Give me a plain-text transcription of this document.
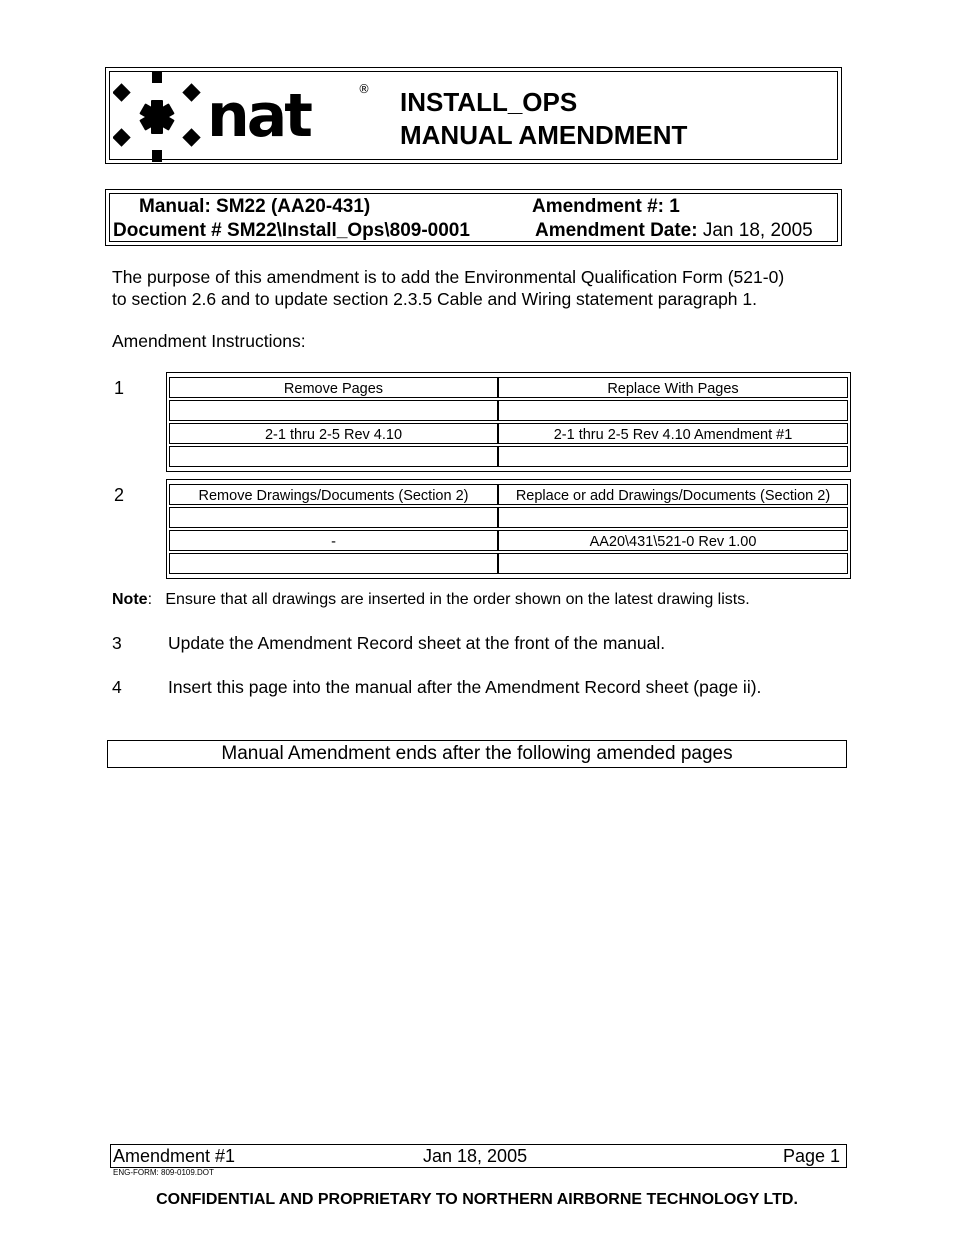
nat	® INSTALL_OPS
MANUAL AMENDMENT
Manual: SM22 (AA20-431)	Amendment #: 1
Document # SM22\Install_Ops\809-0001	Amendment Date: Jan 18, 2005
The purpose of this amendment is to add the Environmental Qualification Form (521-0)
to section 2.6 and to update section 2.3.5 Cable and Wiring statement paragraph 1.
Amendment Instructions:
1	Remove Pages	Replace With Pages

2-1 thru 2-5 Rev 4.10	2-1 thru 2-5 Rev 4.10 Amendment #1

2	Remove Drawings/Documents (Section 2)	Replace or add Drawings/Documents (Section 2)

-	AA20\431\521-0 Rev 1.00

Note:   Ensure that all drawings are inserted in the order shown on the latest drawing lists.
3	Update the Amendment Record sheet at the front of the manual.
4	Insert this page into the manual after the Amendment Record sheet (page ii).
Manual Amendment ends after the following amended pages
Amendment #1	Jan 18, 2005	Page 1
ENG-FORM: 809-0109.DOT
CONFIDENTIAL AND PROPRIETARY TO NORTHERN AIRBORNE TECHNOLOGY LTD.
